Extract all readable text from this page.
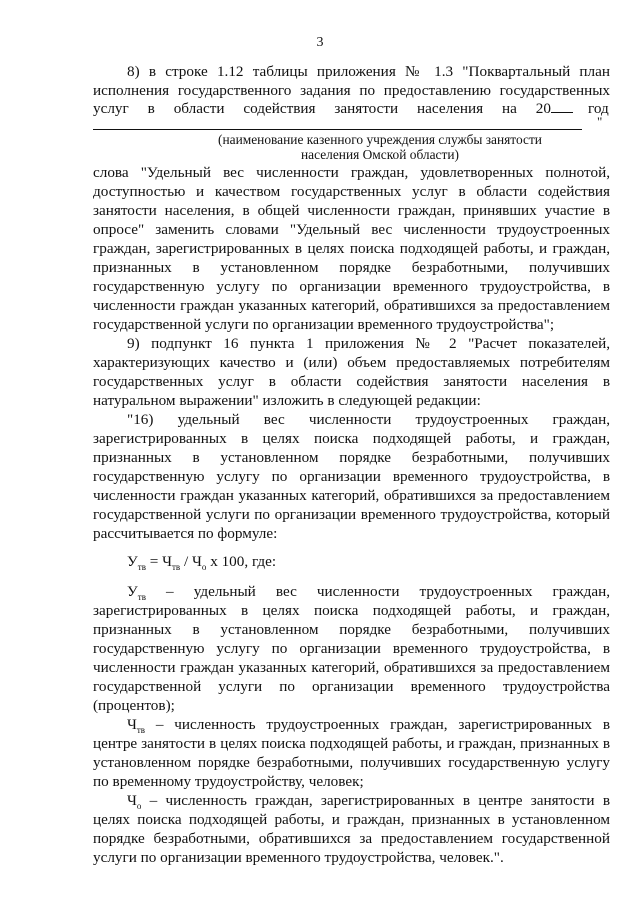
3
8) в строке 1.12 таблицы приложения № 1.3 "Поквартальный план
исполнения государственного задания по предоставлению государственных
услуг в области содействия занятости населения на 20	год
"
(наименование казенного учреждения службы занятости
населения Омской области)
слова "Удельный вес численности граждан, удовлетворенных полнотой,
доступностью и качеством государственных услуг в области содействия
занятости населения, в общей численности граждан, принявших участие в
опросе" заменить словами "Удельный вес численности трудоустроенных
граждан, зарегистрированных в целях поиска подходящей работы, и граждан,
признанных в установленном порядке безработными, получивших
государственную услугу по организации временного трудоустройства, в
численности граждан указанных категорий, обратившихся за предоставлением
государственной услуги по организации временного трудоустройства";
9) подпункт 16 пункта 1 приложения № 2 "Расчет показателей,
характеризующих качество и (или) объем предоставляемых потребителям
государственных услуг в области содействия занятости населения в
натуральном выражении" изложить в следующей редакции:
"16) удельный вес численности трудоустроенных граждан,
зарегистрированных в целях поиска подходящей работы, и граждан,
признанных в установленном порядке безработными, получивших
государственную услугу по организации временного трудоустройства, в
численности граждан указанных категорий, обратившихся за предоставлением
государственной услуги по организации временного трудоустройства, который
рассчитывается по формуле:
$У_{тв} = Ч_{тв} / Ч_о$ х 100, где:
$У_{тв}$ – удельный вес численности трудоустроенных граждан,
зарегистрированных в целях поиска подходящей работы, и граждан,
признанных в установленном порядке безработными, получивших
государственную услугу по организации временного трудоустройства, в
численности граждан указанных категорий, обратившихся за предоставлением
государственной услуги по организации временного трудоустройства
(процентов);
$Ч_{тв}$ – численность трудоустроенных граждан, зарегистрированных в
центре занятости в целях поиска подходящей работы, и граждан, признанных в
установленном порядке безработными, получивших государственную услугу
по временному трудоустройству, человек;
$Ч_о$ – численность граждан, зарегистрированных в центре занятости в
целях поиска подходящей работы, и граждан, признанных в установленном
порядке безработными, обратившихся за предоставлением государственной
услуги по организации временного трудоустройства, человек.".
